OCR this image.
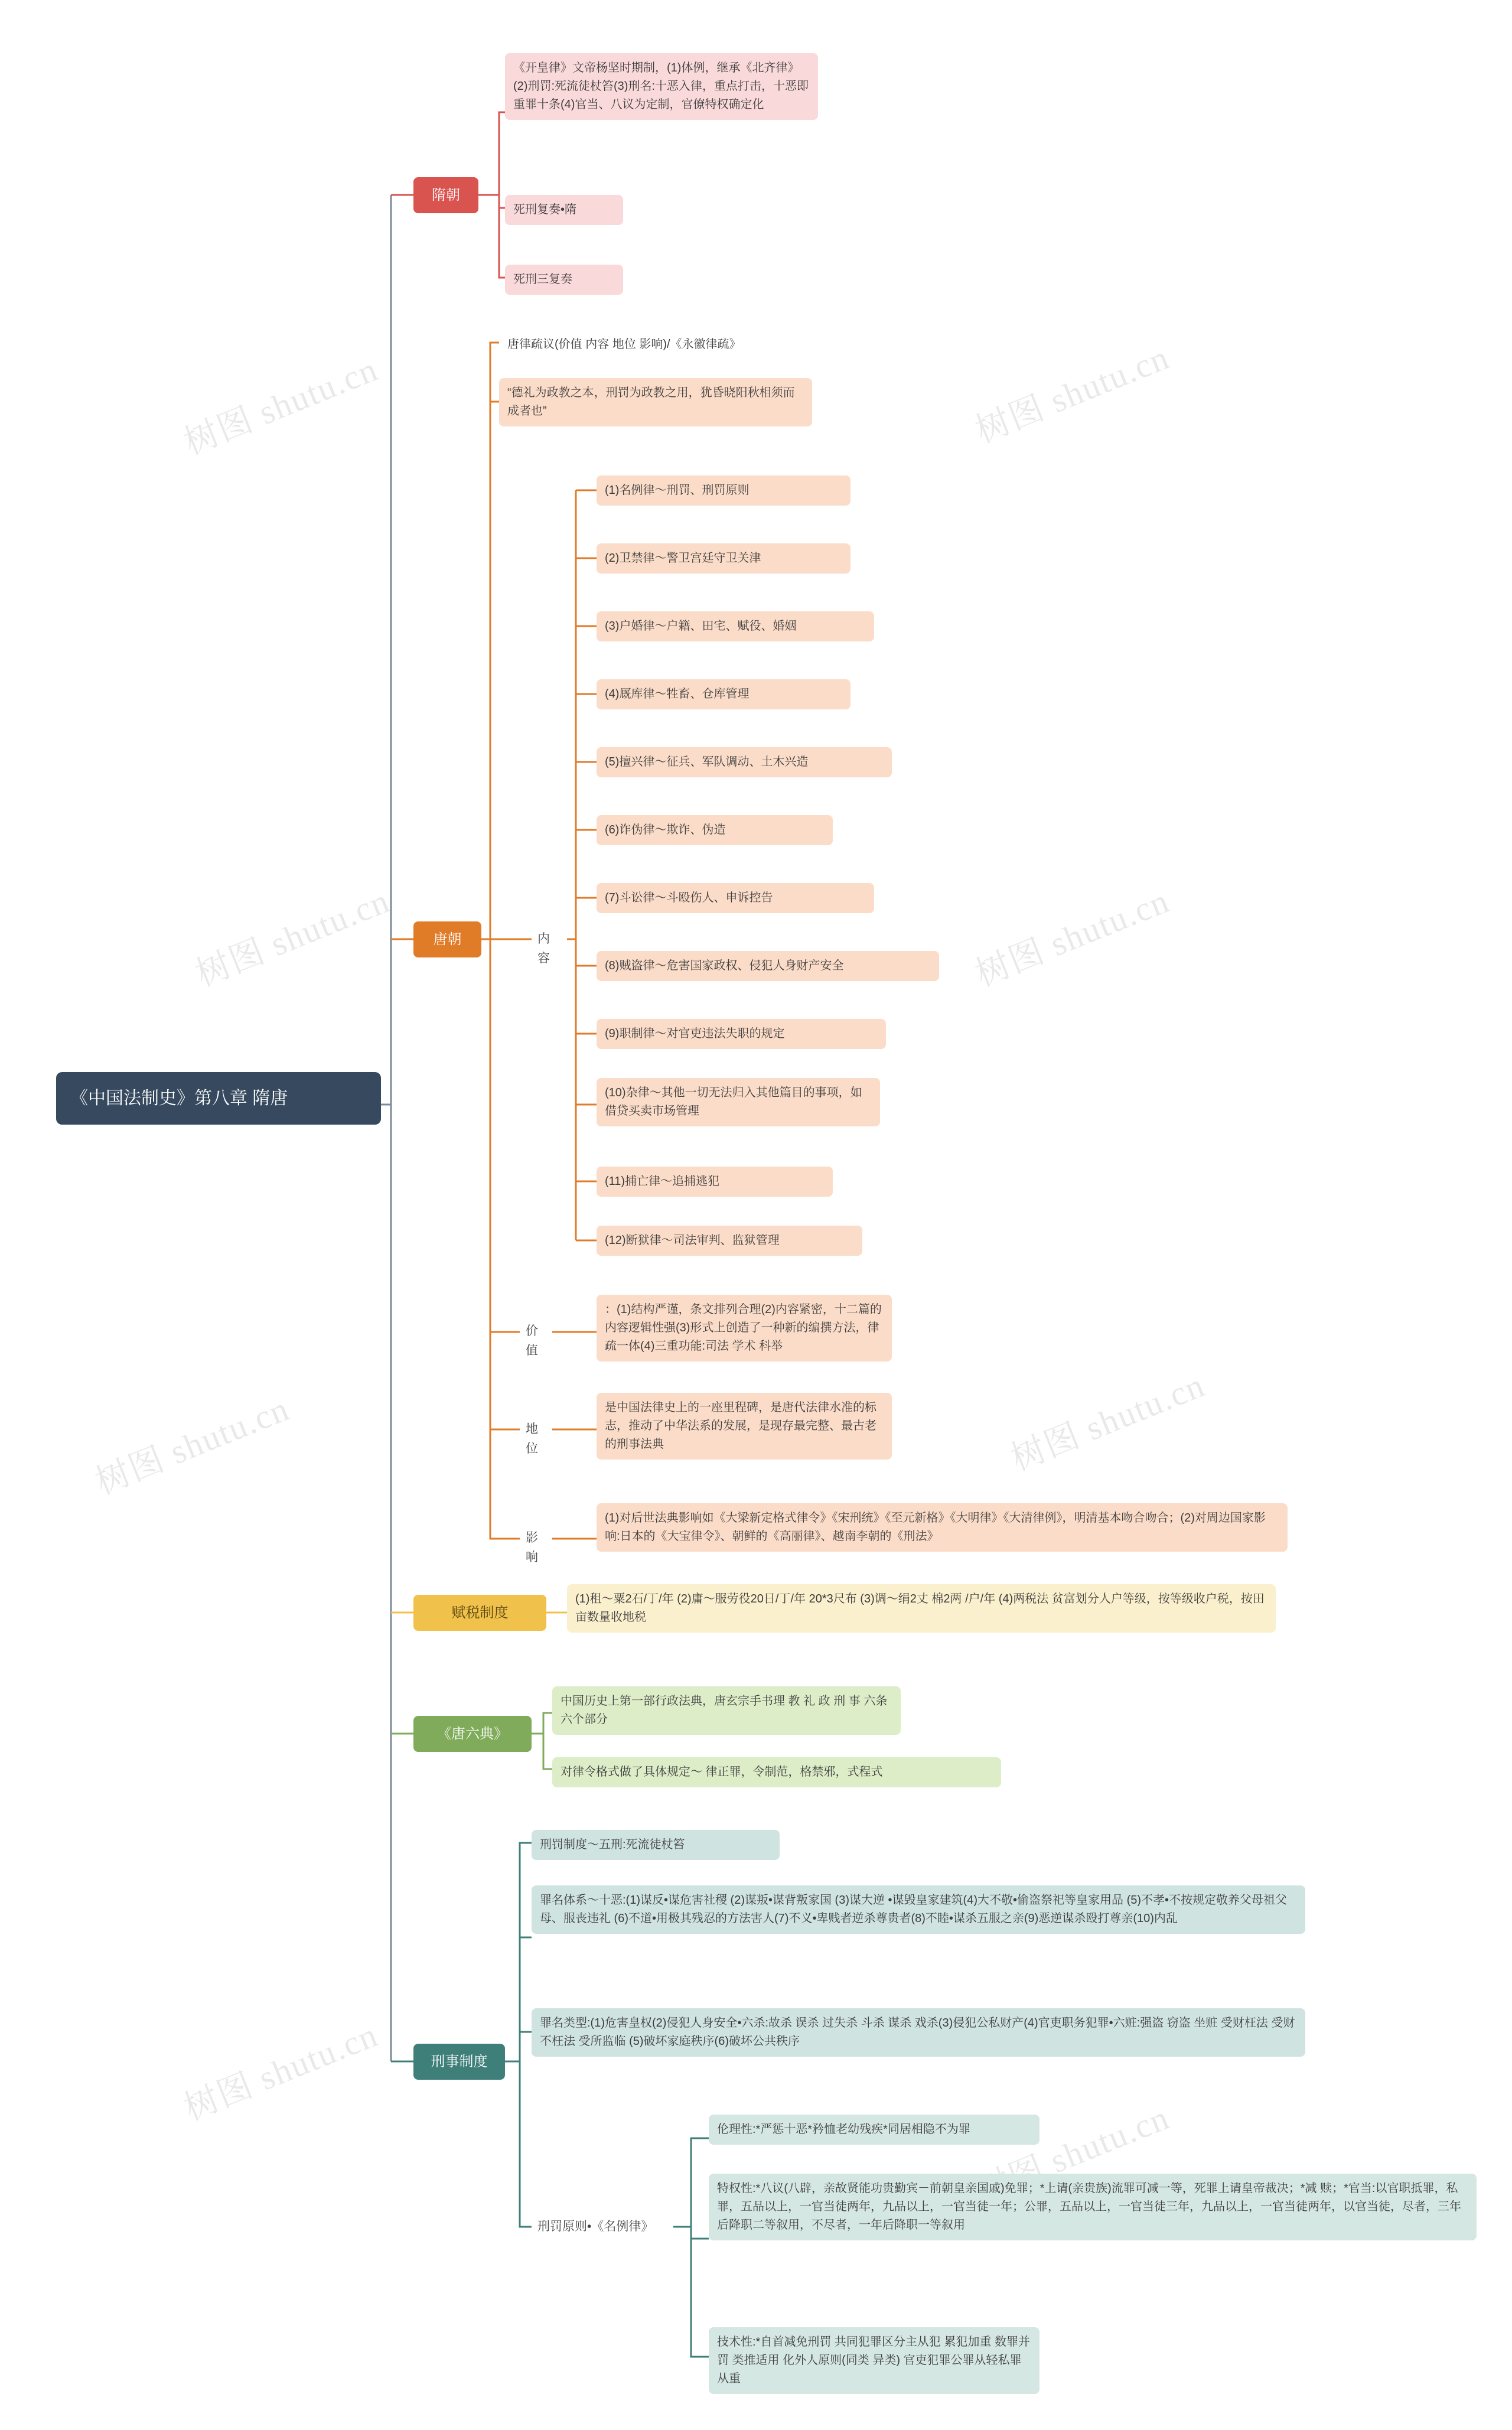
树图 shutu.cn	树图 shutu.cn
树图 shutu.cn	树图 shutu.cn
树图 shutu.cn	树图 shutu.cn
树图 shutu.cn
树图 shutu.cn
《中国法制史》第八章 隋唐
隋朝
《开皇律》文帝杨坚时期制，(1)体例，继承《北齐律》(2)刑罚:死流徒杖笞(3)刑名:十恶入律，重点打击，十恶即重罪十条(4)官当、八议为定制，官僚特权确定化
死刑复奏•隋
死刑三复奏
唐朝
唐律疏议(价值 内容 地位 影响)/《永徽律疏》
“德礼为政教之本，刑罚为政教之用，犹昏晓阳秋相须而成者也”
内容
(1)名例律～刑罚、刑罚原则
(2)卫禁律～警卫宫廷守卫关津
(3)户婚律～户籍、田宅、赋役、婚姻
(4)厩库律～牲畜、仓库管理
(5)擅兴律～征兵、军队调动、土木兴造
(6)诈伪律～欺诈、伪造
(7)斗讼律～斗殴伤人、申诉控告
(8)贼盗律～危害国家政权、侵犯人身财产安全
(9)职制律～对官吏违法失职的规定
(10)杂律～其他一切无法归入其他篇目的事项，如借贷买卖市场管理
(11)捕亡律～追捕逃犯
(12)断狱律～司法审判、监狱管理
价值
：(1)结构严谨，条文排列合理(2)内容紧密，十二篇的内容逻辑性强(3)形式上创造了一种新的编撰方法，律疏一体(4)三重功能:司法 学术 科举
地位
是中国法律史上的一座里程碑，是唐代法律水准的标志，推动了中华法系的发展，是现存最完整、最古老的刑事法典
影响
(1)对后世法典影响如《大梁新定格式律令》《宋刑统》《至元新格》《大明律》《大清律例》，明清基本吻合吻合；(2)对周边国家影响:日本的《大宝律令》、朝鲜的《高丽律》、越南李朝的《刑法》
赋税制度
(1)租～粟2石/丁/年 (2)庸～服劳役20日/丁/年 20*3尺布 (3)调～绢2丈 棉2两 /户/年 (4)两税法 贫富划分人户等级，按等级收户税，按田亩数量收地税
《唐六典》
中国历史上第一部行政法典，唐玄宗手书理 教 礼 政 刑 事 六条 六个部分
对律令格式做了具体规定～ 律正罪，令制范，格禁邪，式程式
刑事制度
刑罚制度～五刑:死流徒杖笞
罪名体系～十恶:(1)谋反•谋危害社稷 (2)谋叛•谋背叛家国 (3)谋大逆 •谋毁皇家建筑(4)大不敬•偷盗祭祀等皇家用品 (5)不孝•不按规定敬养父母祖父母、服丧违礼 (6)不道•用极其残忍的方法害人(7)不义•卑贱者逆杀尊贵者(8)不睦•谋杀五服之亲(9)恶逆谋杀殴打尊亲(10)内乱
罪名类型:(1)危害皇权(2)侵犯人身安全•六杀:故杀 误杀 过失杀 斗杀 谋杀 戏杀(3)侵犯公私财产(4)官吏职务犯罪•六赃:强盗 窃盗 坐赃 受财枉法 受财不枉法 受所监临 (5)破坏家庭秩序(6)破坏公共秩序
刑罚原则•《名例律》
伦理性:*严惩十恶*矜恤老幼残疾*同居相隐不为罪
特权性:*八议(八辟，亲故贤能功贵勤宾－前朝皇亲国戚)免罪；*上请(亲贵族)流罪可减一等，死罪上请皇帝裁决；*减 赎；*官当:以官职抵罪，私罪，五品以上，一官当徒两年，九品以上，一官当徒一年；公罪，五品以上，一官当徒三年，九品以上，一官当徒两年，以官当徒，尽者，三年后降职二等叙用，不尽者，一年后降职一等叙用
技术性:*自首减免刑罚 共同犯罪区分主从犯 累犯加重 数罪并罚 类推适用 化外人原则(同类 异类) 官吏犯罪公罪从轻私罪从重
